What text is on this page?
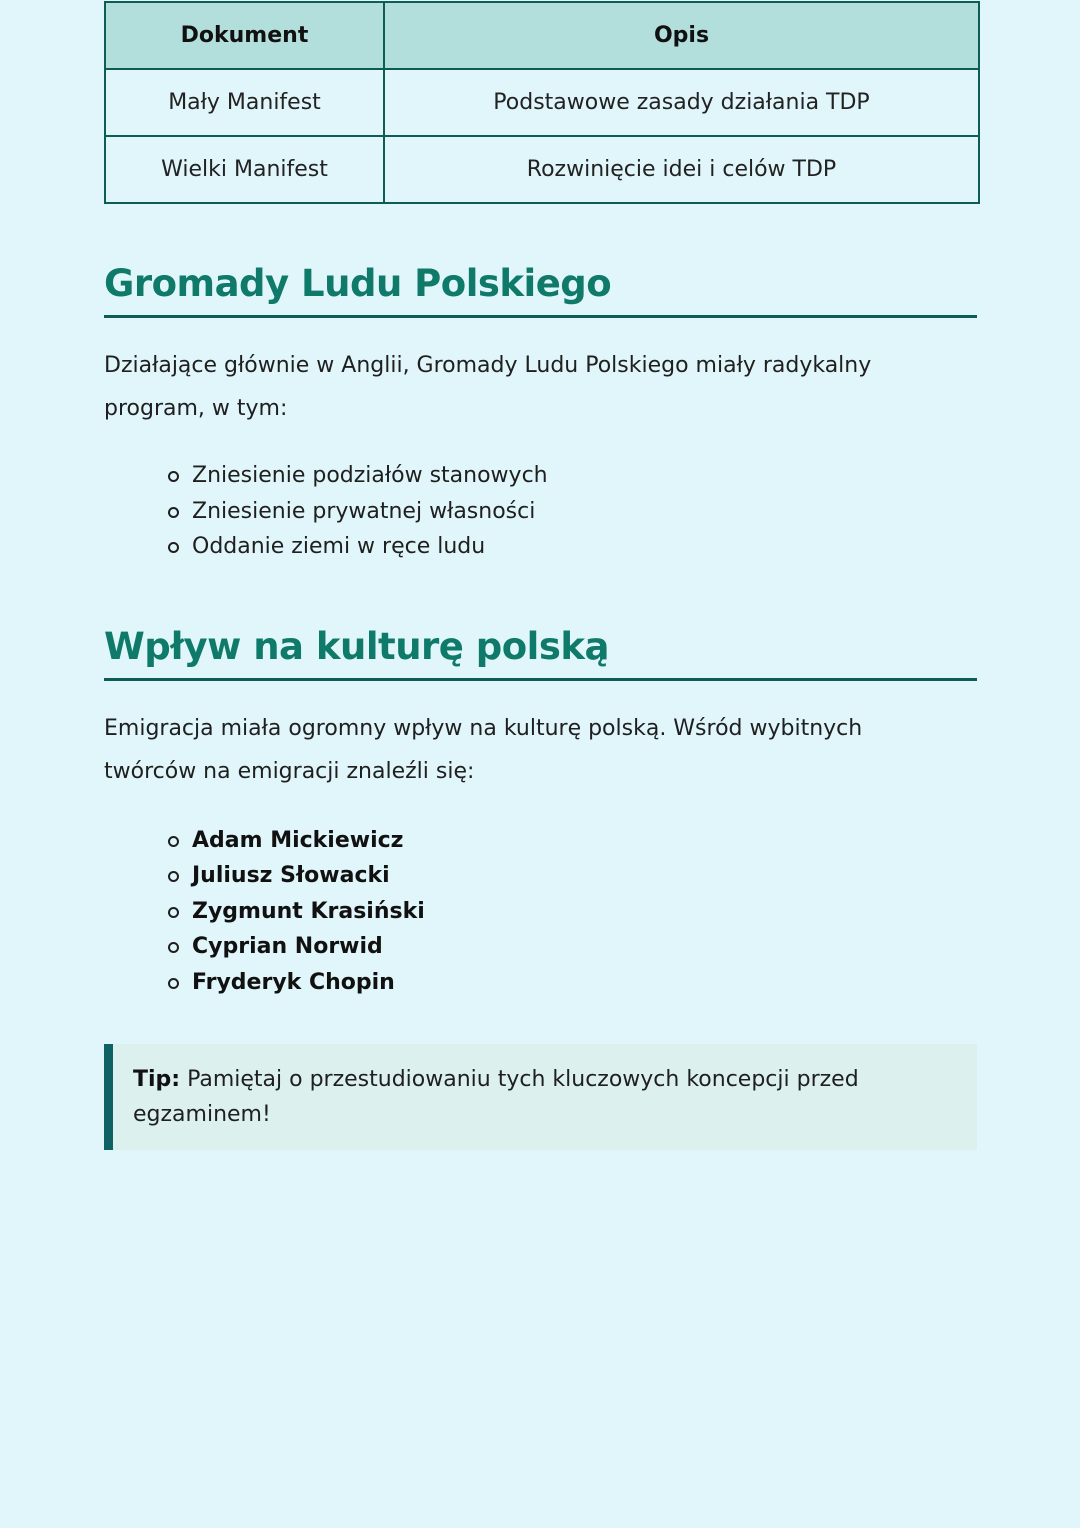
Dokument	Opis
Mały Manifest	Podstawowe zasady działania TDP
Wielki Manifest	Rozwinięcie idei i celów TDP
Gromady Ludu Polskiego

Działające głównie w Anglii, Gromady Ludu Polskiego miały radykalny program, w tym:

Zniesienie podziałów stanowych
Zniesienie prywatnej własności
Oddanie ziemi w ręce ludu
Wpływ na kulturę polską

Emigracja miała ogromny wpływ na kulturę polską. Wśród wybitnych twórców na emigracji znaleźli się:

Adam Mickiewicz
Juliusz Słowacki
Zygmunt Krasiński
Cyprian Norwid
Fryderyk Chopin
Tip: Pamiętaj o przestudiowaniu tych kluczowych koncepcji przed egzaminem!
